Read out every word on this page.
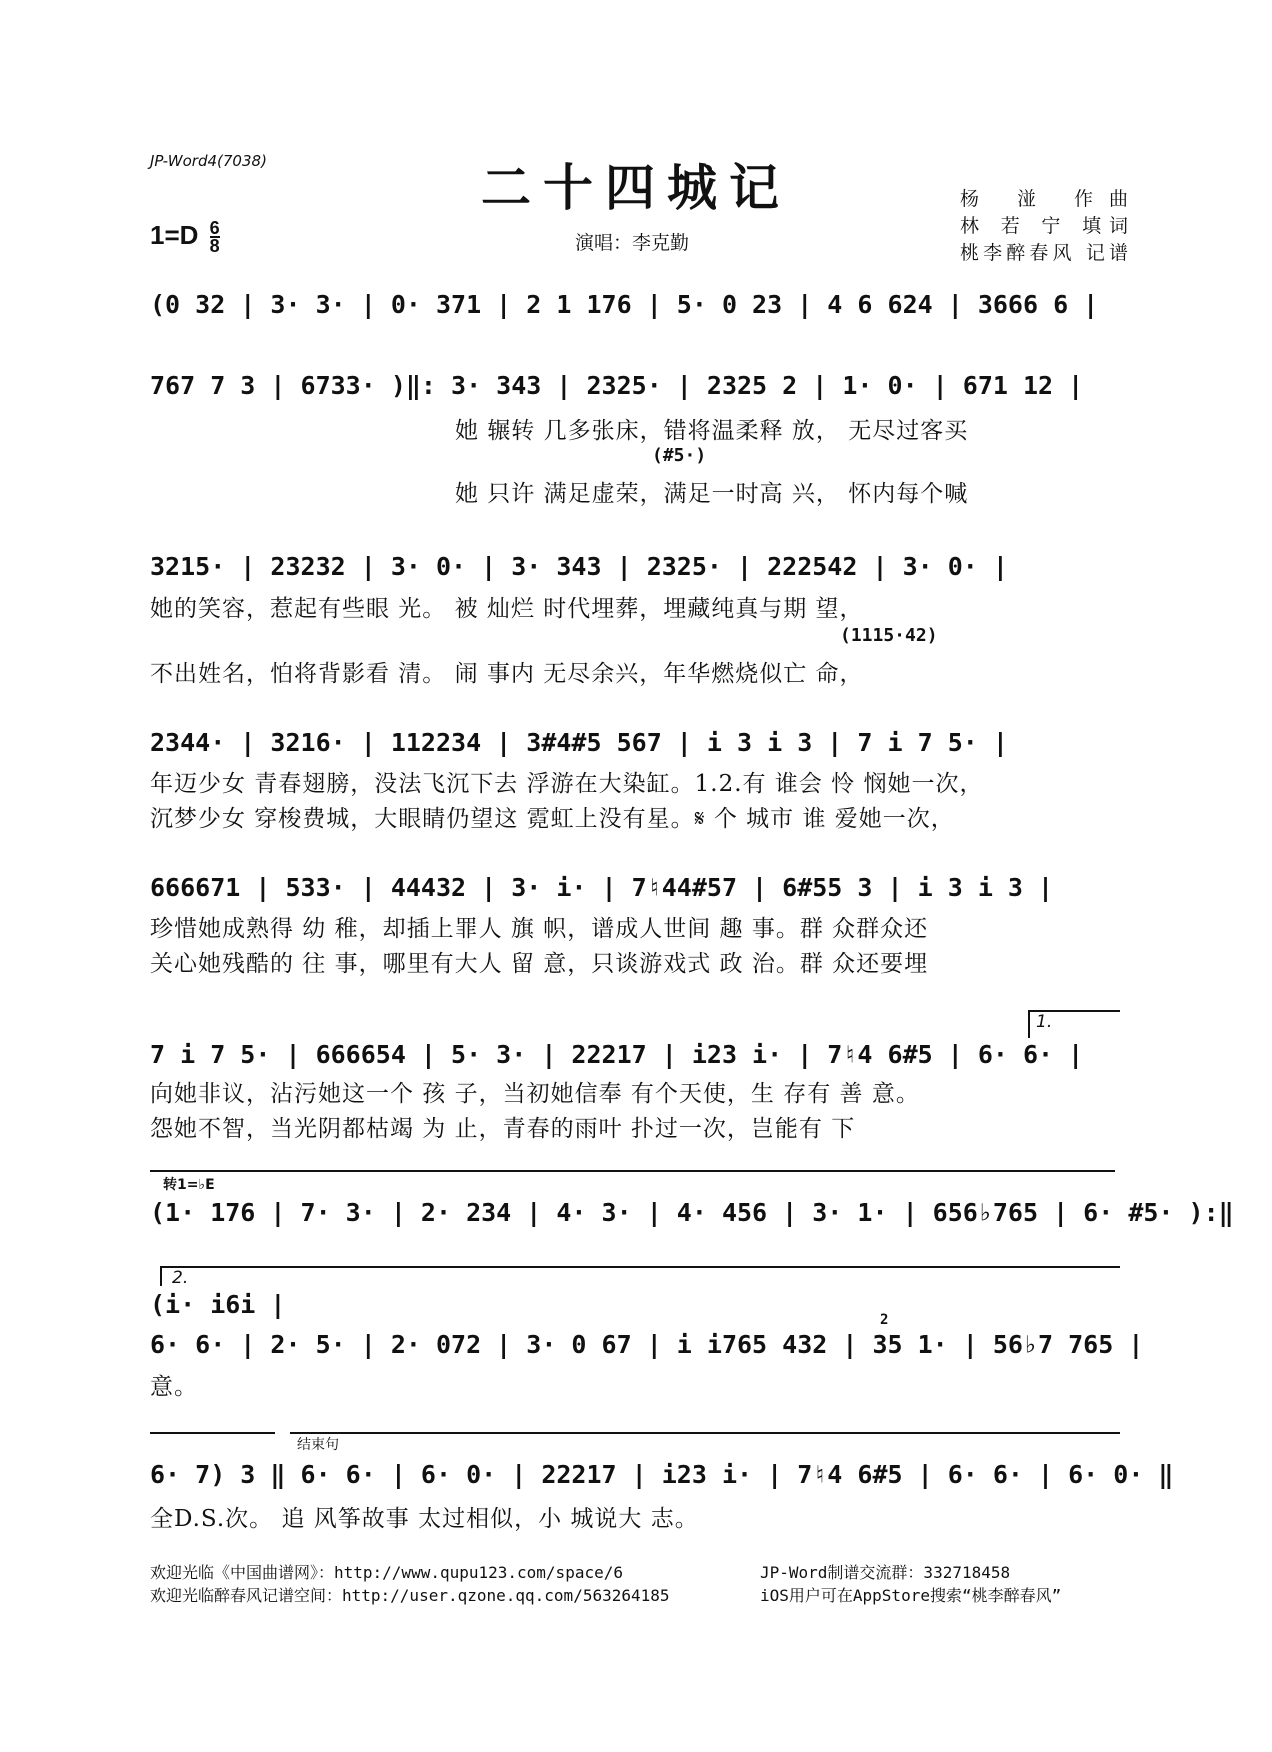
JP-Word4(7038)	二十四城记
$1=D \frac{6}{8}$	演唱：李克勤
杨 湴 作曲
林 若 宁 填词
桃李醉春风 记谱
(0 32 | 3· 3· | 0· 371 | 2 1 176 | 5· 0 23 | 4 6 624 | 3666 6 |
767 7 3 | 6733· )‖: 3· 343 | 2325· | 2325 2 | 1· 0· | 671 12 |
她 辗转 几多张床，错将温柔释 放， 无尽过客买
(#5·)
她 只许 满足虚荣，满足一时高 兴， 怀内每个喊
3215· | 23232 | 3· 0· | 3· 343 | 2325· | 222542 | 3· 0· |
她的笑容，惹起有些眼 光。 被 灿烂 时代埋葬，埋藏纯真与期 望，
(1115·42)
不出姓名，怕将背影看 清。 闹 事内 无尽余兴，年华燃烧似亡 命，
2344· | 3216· | 112234 | 3#4#5 567 | i 3 i 3 | 7 i 7 5· |
年迈少女 青春翅膀，没法飞沉下去 浮游在大染缸。1.2.有 谁会 怜 悯她一次，
沉梦少女 穿梭费城，大眼睛仍望这 霓虹上没有星。𝄋 个 城市 谁 爱她一次，
666671 | 533· | 44432 | 3· i· | 7♮44#57 | 6#55 3 | i 3 i 3 |
珍惜她成熟得 幼 稚，却插上罪人 旗 帜，谱成人世间 趣 事。群 众群众还
关心她残酷的 往 事，哪里有大人 留 意，只谈游戏式 政 治。群 众还要埋
1.
7 i 7 5· | 666654 | 5· 3· | 22217 | i23 i· | 7♮4 6#5 | 6· 6· |
向她非议，沾污她这一个 孩 子，当初她信奉 有个天使，生 存有 善 意。
怨她不智，当光阴都枯竭 为 止，青春的雨叶 扑过一次，岂能有 下
转1=♭E
(1· 176 | 7· 3· | 2· 234 | 4· 3· | 4· 456 | 3· 1· | 656♭765 | 6· #5· ):‖
2.
(i· i6i |
2
6· 6· | 2· 5· | 2· 072 | 3· 0 67 | i i765 432 | 35 1· | 56♭7 765 |
意。
结束句
6· 7) 3 ‖ 6· 6· | 6· 0· | 22217 | i23 i· | 7♮4 6#5 | 6· 6· | 6· 0· ‖
全D.S.次。 追 风筝故事 太过相似，小 城说大 志。
欢迎光临《中国曲谱网》：http://www.qupu123.com/space/6
欢迎光临醉春风记谱空间：http://user.qzone.qq.com/563264185
JP-Word制谱交流群：332718458
iOS用户可在AppStore搜索“桃李醉春风”
